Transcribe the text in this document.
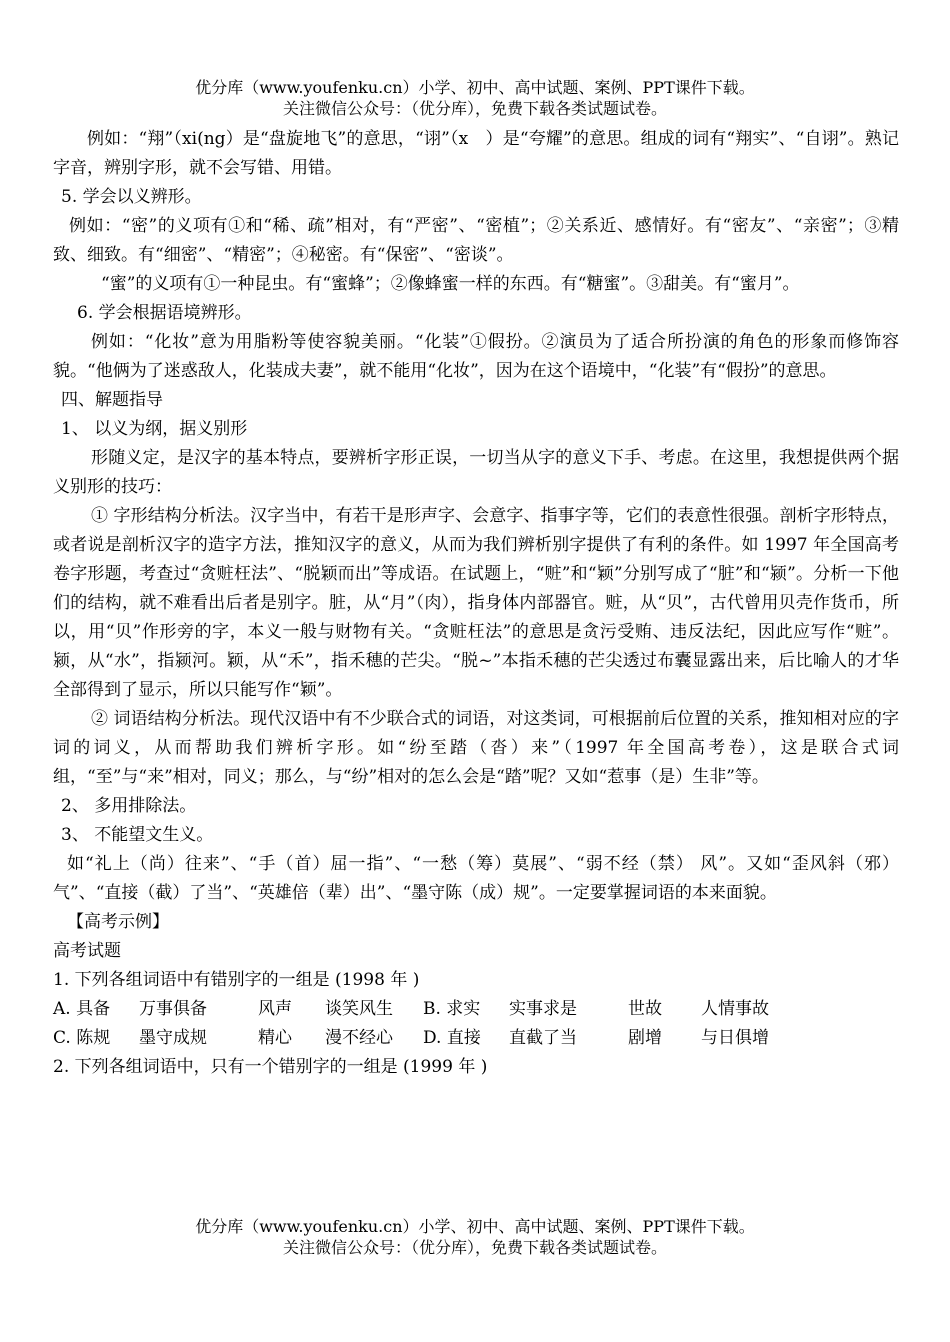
优分库（www.youfenku.cn）小学、初中、高中试题、案例、PPT课件下载。
关注微信公众号：（优分库），免费下载各类试题试卷。

例如：“翔”（xi(ng）是“盘旋地飞”的意思，“诩”（x　）是“夸耀”的意思。组成的词有“翔实”、“自诩”。熟记字音，辨别字形，就不会写错、用错。

5. 学会以义辨形。

例如：“密”的义项有①和“稀、疏”相对，有“严密”、“密植”；②关系近、感情好。有“密友”、“亲密”；③精致、细致。有“细密”、“精密”；④秘密。有“保密”、“密谈”。

“蜜”的义项有①一种昆虫。有“蜜蜂”；②像蜂蜜一样的东西。有“糖蜜”。③甜美。有“蜜月”。

6. 学会根据语境辨形。

例如：“化妆”意为用脂粉等使容貌美丽。“化装”①假扮。②演员为了适合所扮演的角色的形象而修饰容貌。“他俩为了迷惑敌人，化装成夫妻”，就不能用“化妆”，因为在这个语境中，“化装”有“假扮”的意思。

四、解题指导

1、 以义为纲，据义别形

形随义定，是汉字的基本特点，要辨析字形正误，一切当从字的意义下手、考虑。在这里，我想提供两个据义别形的技巧：

① 字形结构分析法。汉字当中，有若干是形声字、会意字、指事字等，它们的表意性很强。剖析字形特点，或者说是剖析汉字的造字方法，推知汉字的意义，从而为我们辨析别字提供了有利的条件。如 1997 年全国高考卷字形题，考查过“贪赃枉法”、“脱颖而出”等成语。在试题上，“赃”和“颖”分别写成了“脏”和“颍”。分析一下他们的结构，就不难看出后者是别字。脏，从“月”（肉），指身体内部器官。赃，从“贝”，古代曾用贝壳作货币，所以，用“贝”作形旁的字，本义一般与财物有关。“贪赃枉法”的意思是贪污受贿、违反法纪，因此应写作“赃”。颍，从“水”，指颍河。颖，从“禾”，指禾穗的芒尖。“脱~”本指禾穗的芒尖透过布囊显露出来，后比喻人的才华全部得到了显示，所以只能写作“颖”。

② 词语结构分析法。现代汉语中有不少联合式的词语，对这类词，可根据前后位置的关系，推知相对应的字词的词义，从而帮助我们辨析字形。如“纷至踏（沓）来”（1997 年全国高考卷），这是联合式词组，“至”与“来”相对，同义；那么，与“纷”相对的怎么会是“踏”呢？又如“惹事（是）生非”等。

2、 多用排除法。

3、 不能望文生义。

如“礼上（尚）往来”、“手（首）屈一指”、“一愁（筹）莫展”、“弱不经（禁） 风”。又如“歪风斜（邪）气”、“直接（截）了当”、“英雄倍（辈）出”、“墨守陈（成）规”。一定要掌握词语的本来面貌。

【高考示例】

高考试题

1. 下列各组词语中有错别字的一组是 (1998 年 )

A. 具备 万事俱备	风声 谈笑风生 B. 求实 实事求是	世故 人情事故
C. 陈规 墨守成规	精心 漫不经心 D. 直接 直截了当	剧增 与日俱增

2. 下列各组词语中，只有一个错别字的一组是 (1999 年 )

优分库（www.youfenku.cn）小学、初中、高中试题、案例、PPT课件下载。
关注微信公众号：（优分库），免费下载各类试题试卷。
